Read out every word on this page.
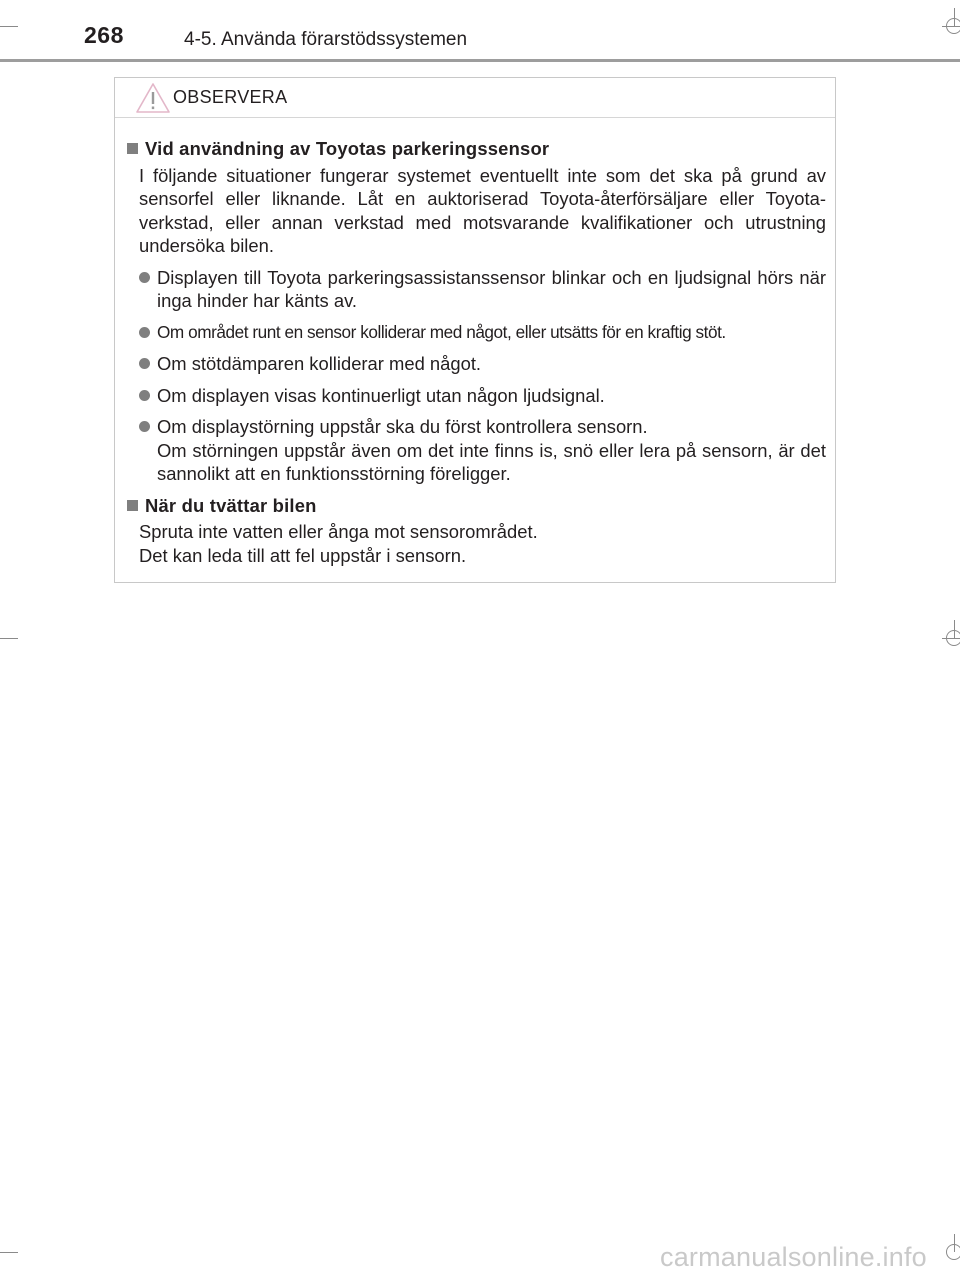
268	4-5. Använda förarstödssystemen
OBSERVERA
Vid användning av Toyotas parkeringssensor
I följande situationer fungerar systemet eventuellt inte som det ska på grund av sensorfel eller liknande. Låt en auktoriserad Toyota-återförsäljare eller Toyota-verkstad, eller annan verkstad med motsvarande kvalifikationer och utrustning undersöka bilen.
Displayen till Toyota parkeringsassistanssensor blinkar och en ljudsignal hörs när inga hinder har känts av.
Om området runt en sensor kolliderar med något, eller utsätts för en kraftig stöt.
Om stötdämparen kolliderar med något.
Om displayen visas kontinuerligt utan någon ljudsignal.
Om displaystörning uppstår ska du först kontrollera sensorn.
Om störningen uppstår även om det inte finns is, snö eller lera på sensorn, är det sannolikt att en funktionsstörning föreligger.
När du tvättar bilen
Spruta inte vatten eller ånga mot sensorområdet.
Det kan leda till att fel uppstår i sensorn.
carmanualsonline.info
